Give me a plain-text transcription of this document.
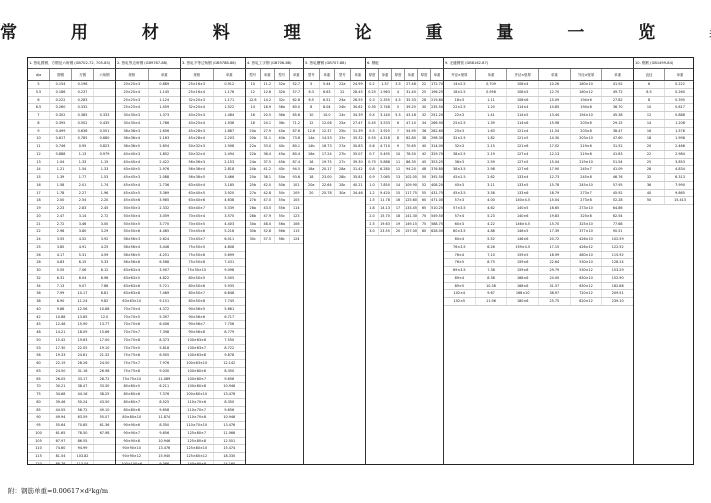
常 用 材 料 理 论 重 量 一 览
1. 热轧圆钢、方钢及六角钢 (GB702-72, 705-83)
d/a	圆钢	方钢	六角钢
5	0.154	0.196
5.5	0.186	0.237
6	0.222	0.283
6.5	0.260	0.332
7	0.302	0.385	0.333
8	0.395	0.502	0.435
9	0.499	0.636	0.551
10	0.617	0.785	0.680
11	0.746	0.95	0.823
12	0.888	1.13	0.979
13	1.04	1.33	1.15
14	1.21	1.54	1.33
15	1.39	1.77	1.53
16	1.58	2.01	1.74
17	1.78	2.27	1.96
18	2.00	2.54	2.20
19	2.23	2.83	2.45
20	2.47	3.14	2.72
21	2.72	3.46	3.00
22	2.98	3.80	3.29
24	3.55	4.52	3.92
25	3.85	4.91	4.25
26	4.17	5.31	4.59
28	4.83	6.15	5.33
30	5.55	7.06	6.12
32	6.31	8.04	6.96
34	7.13	9.07	7.86
36	7.99	10.17	8.81
38	8.90	11.24	9.82
40	9.86	12.56	10.88
42	10.88	13.85	12.0
45	12.48	15.90	13.77
48	14.21	18.09	15.66
50	15.42	19.63	17.00
53	17.30	22.05	19.10
56	19.33	24.61	21.32
60	22.19	28.26	24.50
63	24.50	31.16	26.98
65	26.05	33.17	28.72
70	30.21	38.47	33.30
75	34.68	44.16	38.25
80	39.46	50.24	43.50
85	44.55	56.72	49.10
90	49.94	63.59	55.07
95	55.64	70.85	61.36
100	61.65	78.50	67.98
105	67.97	86.55
110	74.60	94.99
115	81.54	103.82
120	88.78	113.04
2. 热轧等边角钢 (GB9787-88)
规格	单重
20×20×3	0.889
20×20×4	1.145
25×25×3	1.124
25×25×4	1.459
30×30×3	1.373
30×30×4	1.786
36×36×3	1.656
36×36×4	2.163
36×36×5	2.654
40×40×3	1.852
40×40×4	2.422
40×40×5	2.976
45×45×3	2.088
45×45×4	2.736
45×45×5	3.369
45×45×6	3.985
50×50×3	2.332
50×50×4	3.059
50×50×5	3.770
50×50×6	4.465
56×56×3	2.624
56×56×4	3.446
56×56×5	4.251
56×56×8	6.568
63×63×4	3.907
63×63×5	4.822
63×63×6	5.721
63×63×8	7.469
63×63×10	9.151
70×70×4	4.372
70×70×5	5.397
70×70×6	6.406
70×70×7	7.398
70×70×8	8.373
75×75×5	5.818
75×75×6	6.905
75×75×7	7.976
75×75×8	9.030
75×75×10	11.089
80×80×5	6.211
80×80×6	7.376
80×80×7	8.525
80×80×8	9.658
80×80×10	11.874
90×90×6	8.350
90×90×7	9.656
90×90×8	10.946
90×90×10	13.476
90×90×12	15.940
100×100×6	9.366
3. 热轧不等边角钢 (GB9788-88)
规格	单重
25×16×3	0.912
25×16×4	1.176
32×20×3	1.171
32×20×4	1.522
40×25×3	1.484
40×25×4	1.936
45×28×3	1.687
45×28×4	2.203
50×32×3	1.908
50×32×4	2.494
56×36×3	2.153
56×36×4	2.818
56×36×5	3.466
63×40×4	3.185
63×40×5	3.920
63×40×6	4.638
63×40×7	5.339
70×45×4	3.570
70×45×5	4.403
70×45×6	5.218
70×45×7	6.011
75×50×5	4.808
75×50×6	5.699
75×50×8	7.431
75×50×10	9.098
80×50×5	5.005
80×50×6	5.935
80×50×7	6.848
80×50×8	7.745
90×56×5	5.661
90×56×6	6.717
90×56×7	7.756
90×56×8	8.779
100×63×6	7.550
100×63×7	8.722
100×63×8	9.878
100×63×10	12.142
100×80×6	8.350
100×80×7	9.656
100×80×8	10.946
100×80×10	13.476
110×70×6	8.350
110×70×7	9.656
110×70×8	10.946
110×70×10	13.476
125×80×7	11.066
125×80×8	12.551
125×80×10	15.474
125×80×12	18.330
140×90×8	14.160
4. 热轧工字钢 (GB706-88)
型号	单重	型号	单重
10	11.2	32a	52.7
12	12.6	32b	57.7
12.6	14.2	32c	62.8
14	16.9	36a	60.0
16	20.5	36b	65.6
18	24.1	36c	71.2
20a	27.9	40a	67.6
20b	31.1	40b	73.8
22a	33.0	40c	80.1
22b	36.4	45a	80.4
24a	37.5	45b	87.4
24b	41.2	45c	94.5
25a	38.1	50a	93.6
25b	42.0	50b	101
27a	42.8	50c	109
27b	47.0	55a	105
28a	43.5	55b	114
28b	47.9	55c	123
30a	48.0	56a	106
30b	52.8	56b	115
30c	57.5	56c	124
5. 热轧槽钢 (GB707-88)
型号	单重	型号	单重
5	5.44	22a	24.99
6.3	6.63	22	28.45
6.5	6.51	24a	26.55
8	8.04	24b	30.62
10	10.0	24c	34.39
12	12.06	25a	27.47
12.6	12.37	25b	31.39
14a	14.53	25c	35.32
14b	16.73	27a	30.83
16a	17.24	27b	35.07
16	19.75	27c	39.30
18a	20.17	28a	31.42
18	23.00	28b	35.81
20a	22.64	28c	40.21
20	25.78	30a	34.46
6. 钢板
厚度	单重	厚度	单重	厚度	单重
0.2	1.57	3.5	27.48	22	172.70
0.25	1.963	4	31.40	25	196.25
0.3	2.355	4.5	35.33	28	219.80
0.35	2.748	5	39.25	30	235.50
0.4	3.140	5.5	43.18	32	251.20
0.45	3.533	6	47.10	34	266.90
0.5	3.925	7	54.95	36	282.60
0.55	4.318	8	62.80	38	298.30
0.6	4.710	9	70.65	40	314.00
0.7	5.495	10	78.50	42	329.70
0.75	5.888	11	86.35	45	353.25
0.8	6.280	12	94.20	48	376.80
0.9	7.065	13	102.05	50	392.50
1.0	7.850	14	109.90	52	408.20
1.2	9.420	15	117.75	55	431.75
1.5	11.78	16	125.60	60	471.00
1.8	14.13	17	133.45	65	510.25
2.0	15.70	18	141.30	70	549.50
2.5	19.63	19	149.15	75	588.75
3.0	23.55	20	157.00	80	628.00
9. 无缝钢管 (GB8162-87)
外径×壁厚	单重	外径×壁厚	单重	外径×壁厚	单重
14×2.5	0.709	108×4	10.26	180×10	41.92
18×2.5	0.956	108×5	12.70	180×12	49.72
18×3	1.11	108×6	15.09	194×6	27.82
22×2.5	1.20	114×4	10.85	194×8	36.70
22×3	1.41	114×5	13.44	194×10	45.38
25×2.5	1.39	114×6	15.98	203×6	29.15
25×3	1.63	121×4	11.54	203×8	38.47
32×2.5	1.82	121×5	14.30	203×10	47.60
32×3	2.15	121×6	17.02	219×6	31.52
38×2.5	2.19	127×4	12.13	219×8	41.63
38×3	2.59	127×5	15.04	219×10	51.54
38×3.5	2.98	127×6	17.90	245×7	41.09
45×2.5	2.62	133×4	12.73	245×8	46.76
45×3	3.11	133×5	15.78	245×10	57.95
45×3.5	3.58	133×6	18.79	273×7	45.92
57×3	4.00	140×4.5	15.04	273×8	52.28
57×3.5	4.62	140×5	16.65	273×10	64.86
57×4	5.23	140×6	19.83	325×8	62.54
60×3	4.22	146×4.5	15.70	325×10	77.68
60×3.5	4.88	146×5	17.39	377×10	90.51
60×4	5.52	146×6	20.72	426×10	102.59
76×3.5	6.26	159×4.5	17.15	426×12	122.52
76×4	7.10	159×5	18.99	480×10	115.92
76×5	8.75	159×6	22.64	530×10	128.24
89×3.5	7.38	159×8	29.79	530×12	153.29
89×4	8.38	168×6	24.00	630×10	152.90
89×5	10.36	168×8	31.57	630×12	182.88
102×4	9.67	168×10	38.97	720×12	209.51
102×5	11.96	180×6	25.75	820×12	239.10
10. 钢筋 (GB1499-84)
直径	单重
6	0.222
6.5	0.260
8	0.395
10	0.617
12	0.888
14	1.208
16	1.578
18	1.998
20	2.466
22	2.984
25	3.853
28	4.834
32	6.313
36	7.990
40	9.865
50	15.413
附：钢筋单重=0.00617×d²kg/m
